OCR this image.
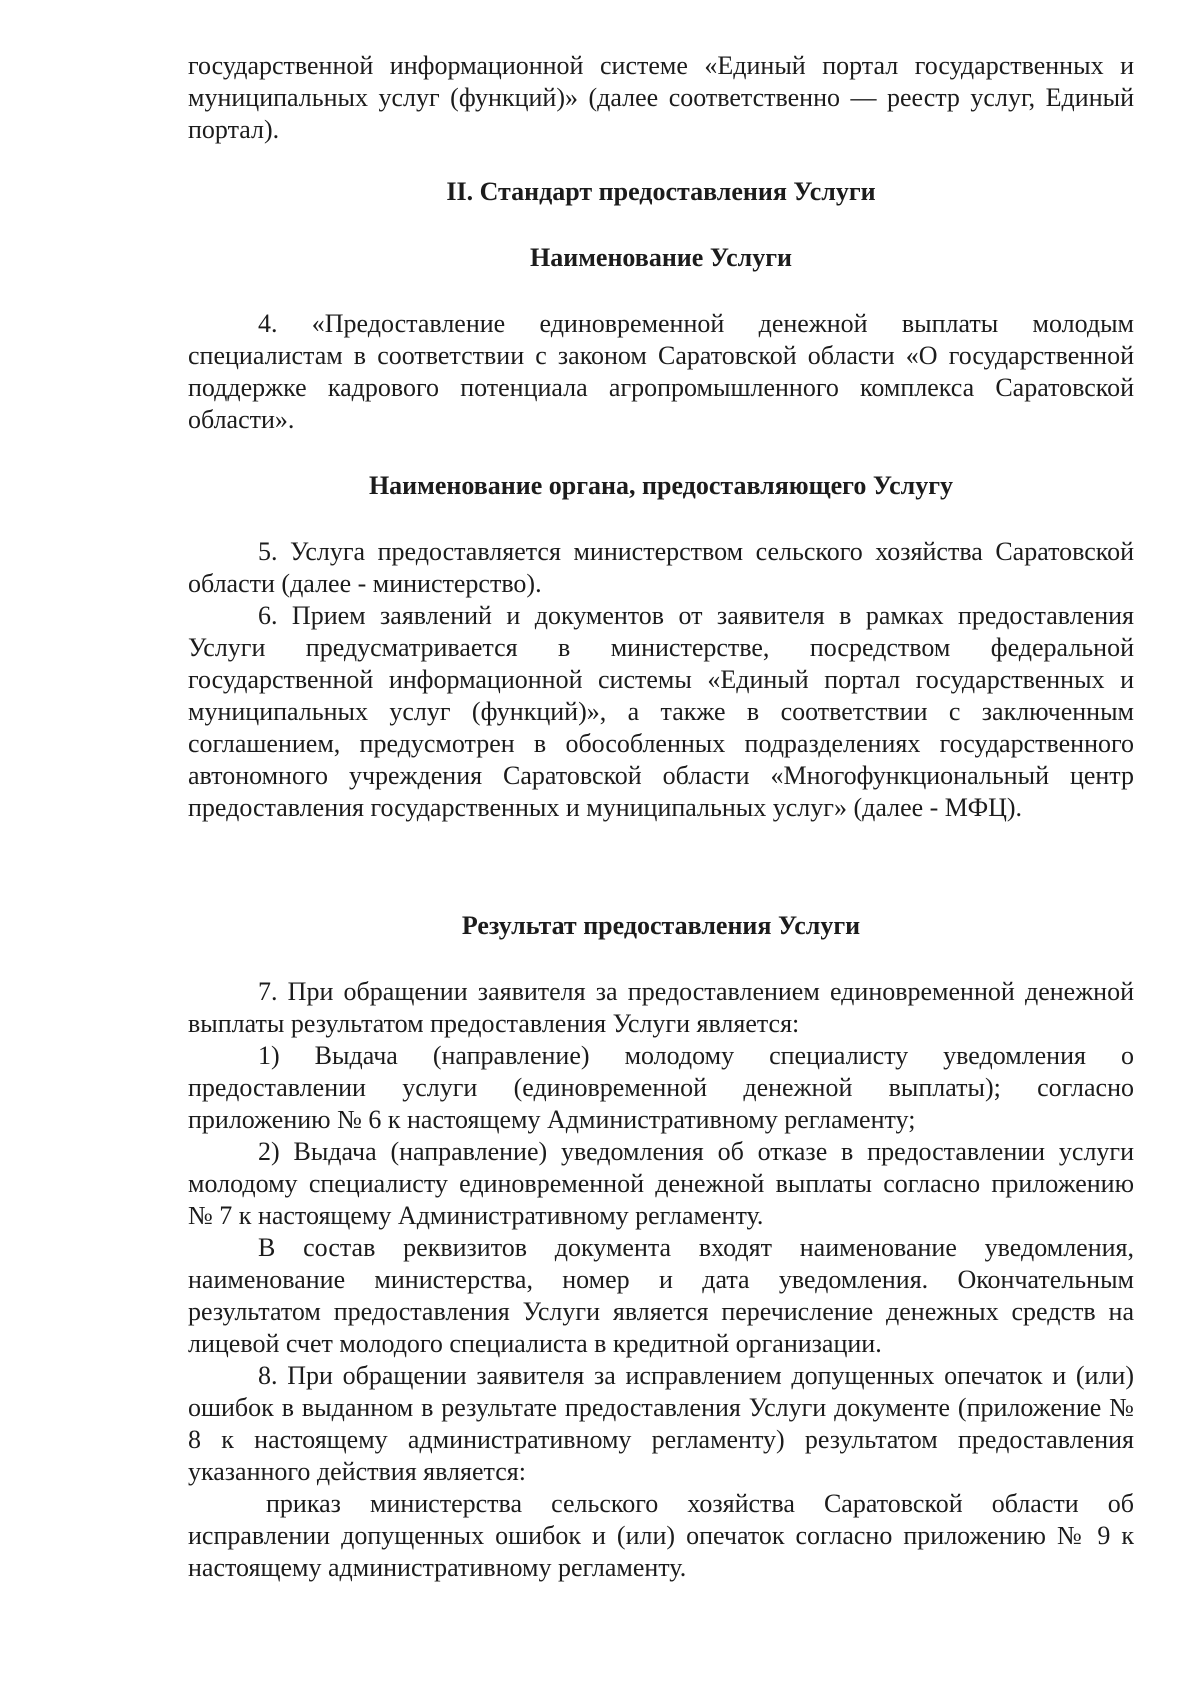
государственной информационной системе «Единый портал государственных и муниципальных услуг (функций)» (далее соответственно — реестр услуг, Единый портал).

II. Стандарт предоставления Услуги
Наименование Услуги

4. «Предоставление единовременной денежной выплаты молодым специалистам в соответствии с законом Саратовской области «О государственной поддержке кадрового потенциала агропромышленного комплекса Саратовской области».

Наименование органа, предоставляющего Услугу

5. Услуга предоставляется министерством сельского хозяйства Саратовской области (далее - министерство).

6. Прием заявлений и документов от заявителя в рамках предоставления Услуги предусматривается в министерстве, посредством федеральной государственной информационной системы «Единый портал государственных и муниципальных услуг (функций)», а также в соответствии с заключенным соглашением, предусмотрен в обособленных подразделениях государственного автономного учреждения Саратовской области «Многофункциональный центр предоставления государственных и муниципальных услуг» (далее - МФЦ).

Результат предоставления Услуги

7. При обращении заявителя за предоставлением единовременной денежной выплаты результатом предоставления Услуги является:

1) Выдача (направление) молодому специалисту уведомления о предоставлении услуги (единовременной денежной выплаты); согласно приложению № 6 к настоящему Административному регламенту;

2) Выдача (направление) уведомления об отказе в предоставлении услуги молодому специалисту единовременной денежной выплаты согласно приложению № 7 к настоящему Административному регламенту.

В состав реквизитов документа входят наименование уведомления, наименование министерства, номер и дата уведомления. Окончательным результатом предоставления Услуги является перечисление денежных средств на лицевой счет молодого специалиста в кредитной организации.

8. При обращении заявителя за исправлением допущенных опечаток и (или) ошибок в выданном в результате предоставления Услуги документе (приложение № 8 к настоящему административному регламенту) результатом предоставления указанного действия является:

приказ министерства сельского хозяйства Саратовской области об исправлении допущенных ошибок и (или) опечаток согласно приложению № 9 к настоящему административному регламенту.
